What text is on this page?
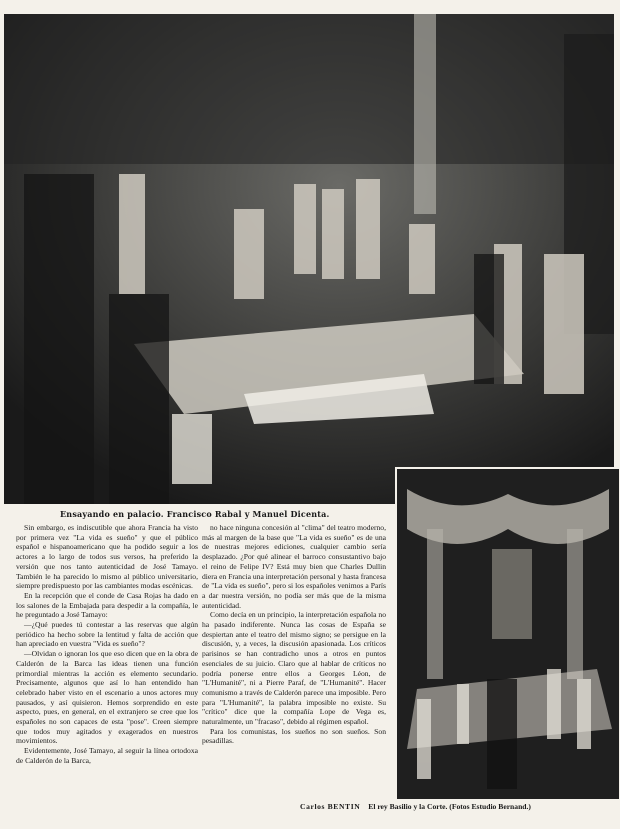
Ensayando en palacio. Francisco Rabal y Manuel Dicenta.

Sin embargo, es indiscutible que ahora Francia ha visto por primera vez "La vida es sueño" y que el público español e hispanoamericano que ha podido seguir a los actores a lo largo de todos sus versos, ha preferido la versión que nos tanto autenticidad de José Tamayo. También le ha parecido lo mismo al público universitario, siempre predispuesto por las cambiantes modas escénicas.

En la recepción que el conde de Casa Rojas ha dado en los salones de la Embajada para despedir a la compañía, le he preguntado a José Tamayo:

—¿Qué puedes tú contestar a las reservas que algún periódico ha hecho sobre la lentitud y falta de acción que han apreciado en vuestra "Vida es sueño"?

—Olvidan o ignoran los que eso dicen que en la obra de Calderón de la Barca las ideas tienen una función primordial mientras la acción es elemento secundario. Precisamente, algunos que así lo han entendido han celebrado haber visto en el escenario a unos actores muy pausados, y así quisieron. Hemos sorprendido en este aspecto, pues, en general, en el extranjero se cree que los españoles no son capaces de esta "pose". Creen siempre que todos muy agitados y exagerados en nuestros movimientos.

Evidentemente, José Tamayo, al seguir la línea ortodoxa de Calderón de la Barca,

no hace ninguna concesión al "clima" del teatro moderno, más al margen de la base que "La vida es sueño" es de una de nuestras mejores ediciones, cualquier cambio sería desplazado. ¿Por qué alinear el barroco consustantivo bajo el reino de Felipe IV? Está muy bien que Charles Dullin diera en Francia una interpretación personal y hasta francesa de "La vida es sueño", pero si los españoles venimos a París a dar nuestra versión, no podía ser más que de la misma autenticidad.

Como decía en un principio, la interpretación española no ha pasado indiferente. Nunca las cosas de España se despiertan ante el teatro del mismo signo; se persigue en la discusión, y, a veces, la discusión apasionada. Los críticos parisinos se han contradicho unos a otros en puntos esenciales de su juicio. Claro que al hablar de críticos no podría ponerse entre ellos a Georges Léon, de "L'Humanité", ni a Pierre Paraf, de "L'Humanité". Hacer comunismo a través de Calderón parece una imposible. Pero para "L'Humanité", la palabra imposible no existe. Su "crítico" dice que la compañía Lope de Vega es, naturalmente, un "fracaso", debido al régimen español.

Para los comunistas, los sueños no son sueños. Son pesadillas.

Carlos BENTIN El rey Basilio y la Corte. (Fotos Estudio Bernand.)
